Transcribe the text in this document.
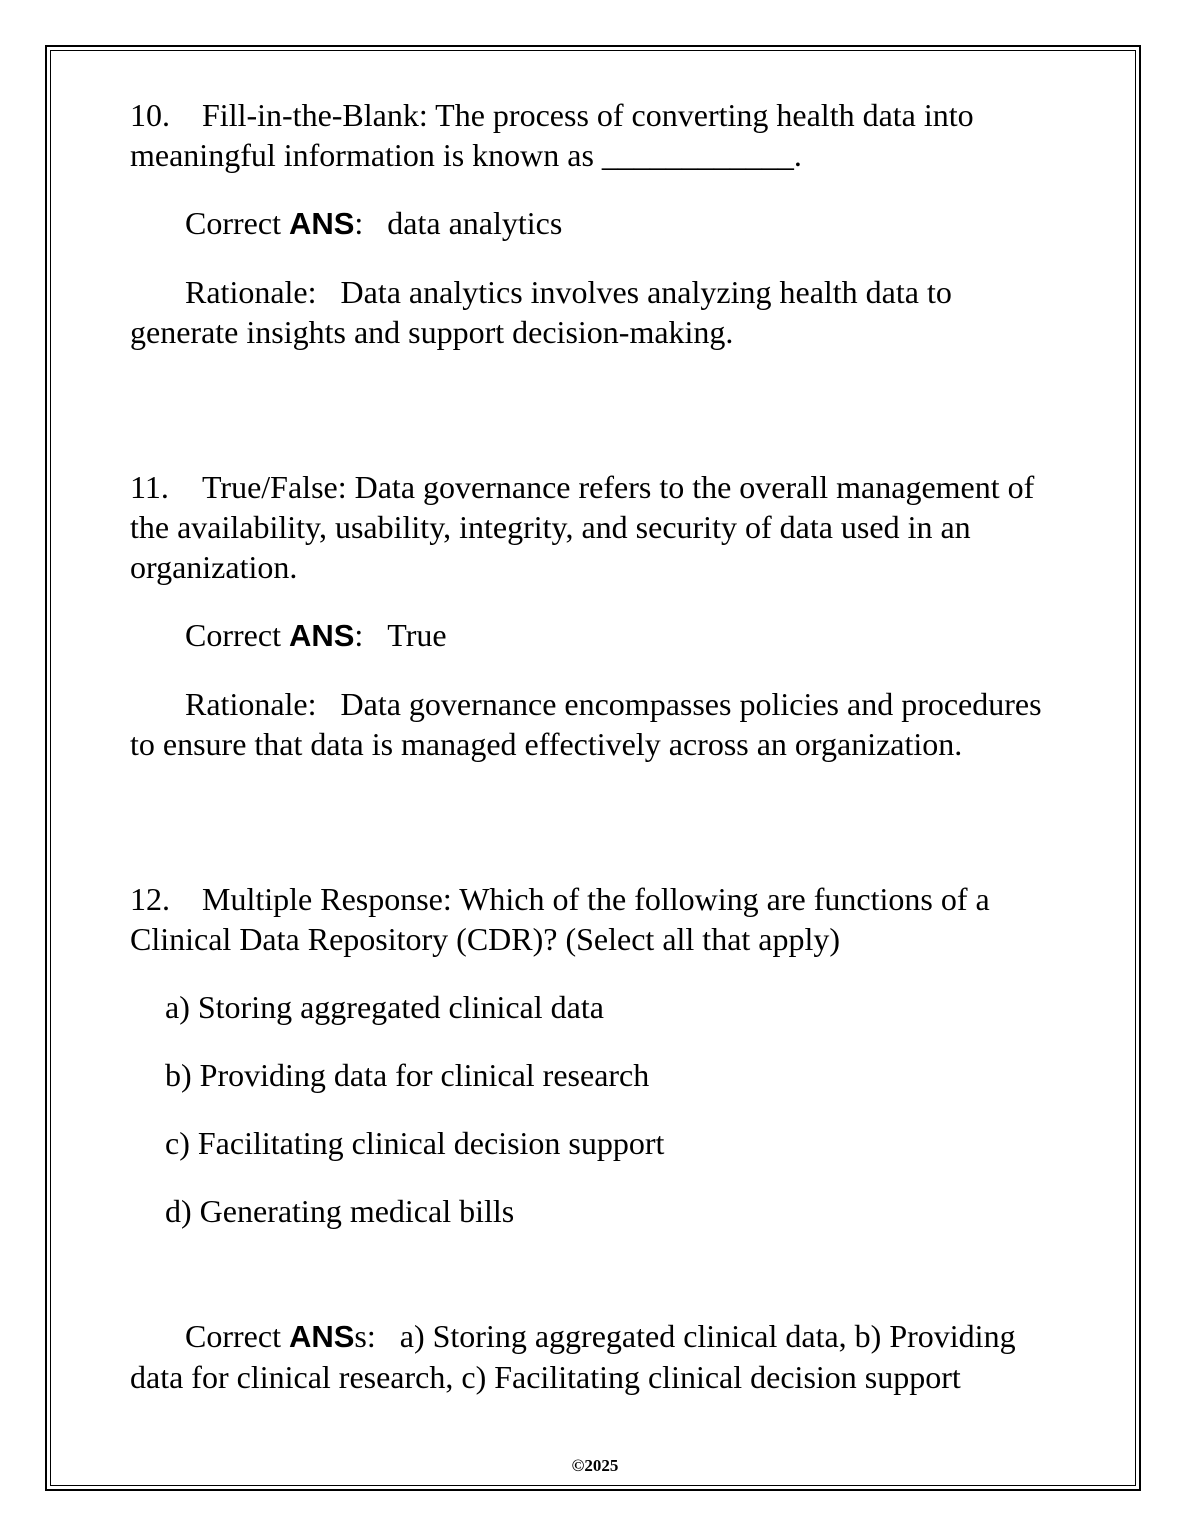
10. Fill-in-the-Blank: The process of converting health data into meaningful information is known as ____________.

Correct ANS: data analytics

Rationale: Data analytics involves analyzing health data to generate insights and support decision-making.

11. True/False: Data governance refers to the overall management of the availability, usability, integrity, and security of data used in an organization.

Correct ANS: True

Rationale: Data governance encompasses policies and procedures to ensure that data is managed effectively across an organization.

12. Multiple Response: Which of the following are functions of a Clinical Data Repository (CDR)? (Select all that apply)

a) Storing aggregated clinical data

b) Providing data for clinical research

c) Facilitating clinical decision support

d) Generating medical bills

Correct ANSs: a) Storing aggregated clinical data, b) Providing data for clinical research, c) Facilitating clinical decision support

©2025
